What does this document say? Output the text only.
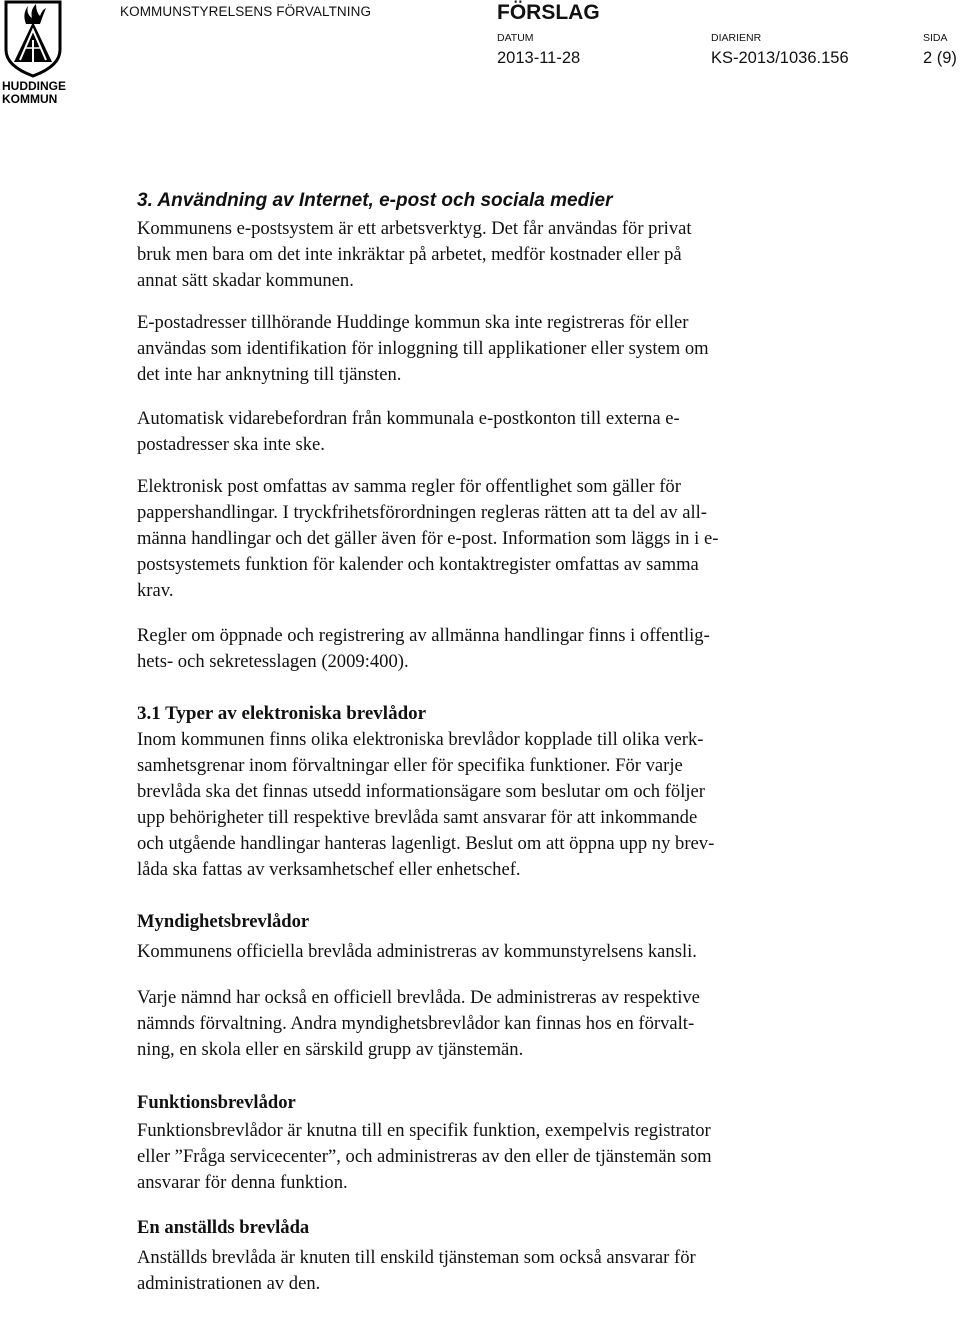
HUDDINGE
KOMMUN
KOMMUNSTYRELSENS FÖRVALTNING	FÖRSLAG
DATUM
2013-11-28
DIARIENR
KS-2013/1036.156
SIDA
2 (9)
3. Användning av Internet, e-post och sociala medier

Kommunens e-postsystem är ett arbetsverktyg. Det får användas för privat
bruk men bara om det inte inkräktar på arbetet, medför kostnader eller på
annat sätt skadar kommunen.

E-postadresser tillhörande Huddinge kommun ska inte registreras för eller
användas som identifikation för inloggning till applikationer eller system om
det inte har anknytning till tjänsten.

Automatisk vidarebefordran från kommunala e-postkonton till externa e-
postadresser ska inte ske.

Elektronisk post omfattas av samma regler för offentlighet som gäller för
pappershandlingar. I tryckfrihetsförordningen regleras rätten att ta del av all-
männa handlingar och det gäller även för e-post. Information som läggs in i e-
postsystemets funktion för kalender och kontaktregister omfattas av samma
krav.

Regler om öppnade och registrering av allmänna handlingar finns i offentlig-
hets- och sekretesslagen (2009:400).

3.1 Typer av elektroniska brevlådor

Inom kommunen finns olika elektroniska brevlådor kopplade till olika verk-
samhetsgrenar inom förvaltningar eller för specifika funktioner. För varje
brevlåda ska det finnas utsedd informationsägare som beslutar om och följer
upp behörigheter till respektive brevlåda samt ansvarar för att inkommande
och utgående handlingar hanteras lagenligt. Beslut om att öppna upp ny brev-
låda ska fattas av verksamhetschef eller enhetschef.

Myndighetsbrevlådor

Kommunens officiella brevlåda administreras av kommunstyrelsens kansli.

Varje nämnd har också en officiell brevlåda. De administreras av respektive
nämnds förvaltning. Andra myndighetsbrevlådor kan finnas hos en förvalt-
ning, en skola eller en särskild grupp av tjänstemän.

Funktionsbrevlådor

Funktionsbrevlådor är knutna till en specifik funktion, exempelvis registrator
eller ”Fråga servicecenter”, och administreras av den eller de tjänstemän som
ansvarar för denna funktion.

En anställds brevlåda

Anställds brevlåda är knuten till enskild tjänsteman som också ansvarar för
administrationen av den.
